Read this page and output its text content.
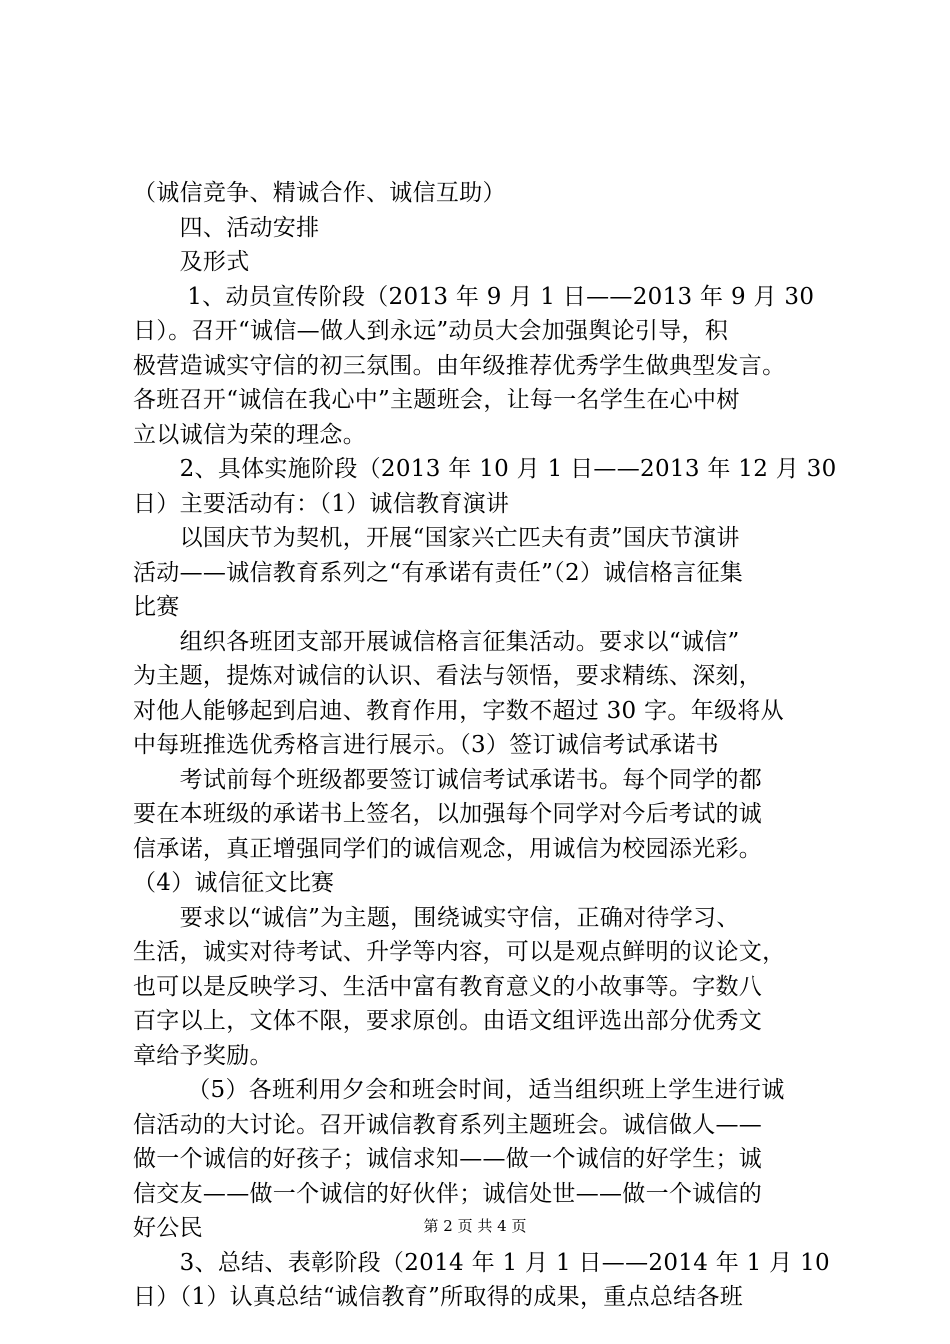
（诚信竞争、精诚合作、诚信互助）
　　四、活动安排
　　及形式
　　 1、动员宣传阶段（2013 年 9 月 1 日——2013 年 9 月 30
日）。召开“诚信—做人到永远”动员大会加强舆论引导，积
极营造诚实守信的初三氛围。由年级推荐优秀学生做典型发言。
各班召开“诚信在我心中”主题班会，让每一名学生在心中树
立以诚信为荣的理念。
　　2、具体实施阶段（2013 年 10 月 1 日——2013 年 12 月 30
日）主要活动有：（1）诚信教育演讲
　　以国庆节为契机，开展“国家兴亡匹夫有责”国庆节演讲
活动——诚信教育系列之“有承诺有责任”（2）诚信格言征集
比赛
　　组织各班团支部开展诚信格言征集活动。要求以“诚信”
为主题，提炼对诚信的认识、看法与领悟，要求精练、深刻，
对他人能够起到启迪、教育作用，字数不超过 30 字。年级将从
中每班推选优秀格言进行展示。（3）签订诚信考试承诺书
　　考试前每个班级都要签订诚信考试承诺书。每个同学的都
要在本班级的承诺书上签名，以加强每个同学对今后考试的诚
信承诺，真正增强同学们的诚信观念，用诚信为校园添光彩。
（4）诚信征文比赛
　　要求以“诚信”为主题，围绕诚实守信，正确对待学习、
生活，诚实对待考试、升学等内容，可以是观点鲜明的议论文，
也可以是反映学习、生活中富有教育意义的小故事等。字数八
百字以上，文体不限，要求原创。由语文组评选出部分优秀文
章给予奖励。
　　 （5）各班利用夕会和班会时间，适当组织班上学生进行诚
信活动的大讨论。召开诚信教育系列主题班会。诚信做人——
做一个诚信的好孩子；诚信求知——做一个诚信的好学生；诚
信交友——做一个诚信的好伙伴；诚信处世——做一个诚信的
好公民
　　3、总结、表彰阶段（2014 年 1 月 1 日——2014 年 1 月 10
日）（1）认真总结“诚信教育”所取得的成果，重点总结各班
第 2 页 共 4 页
